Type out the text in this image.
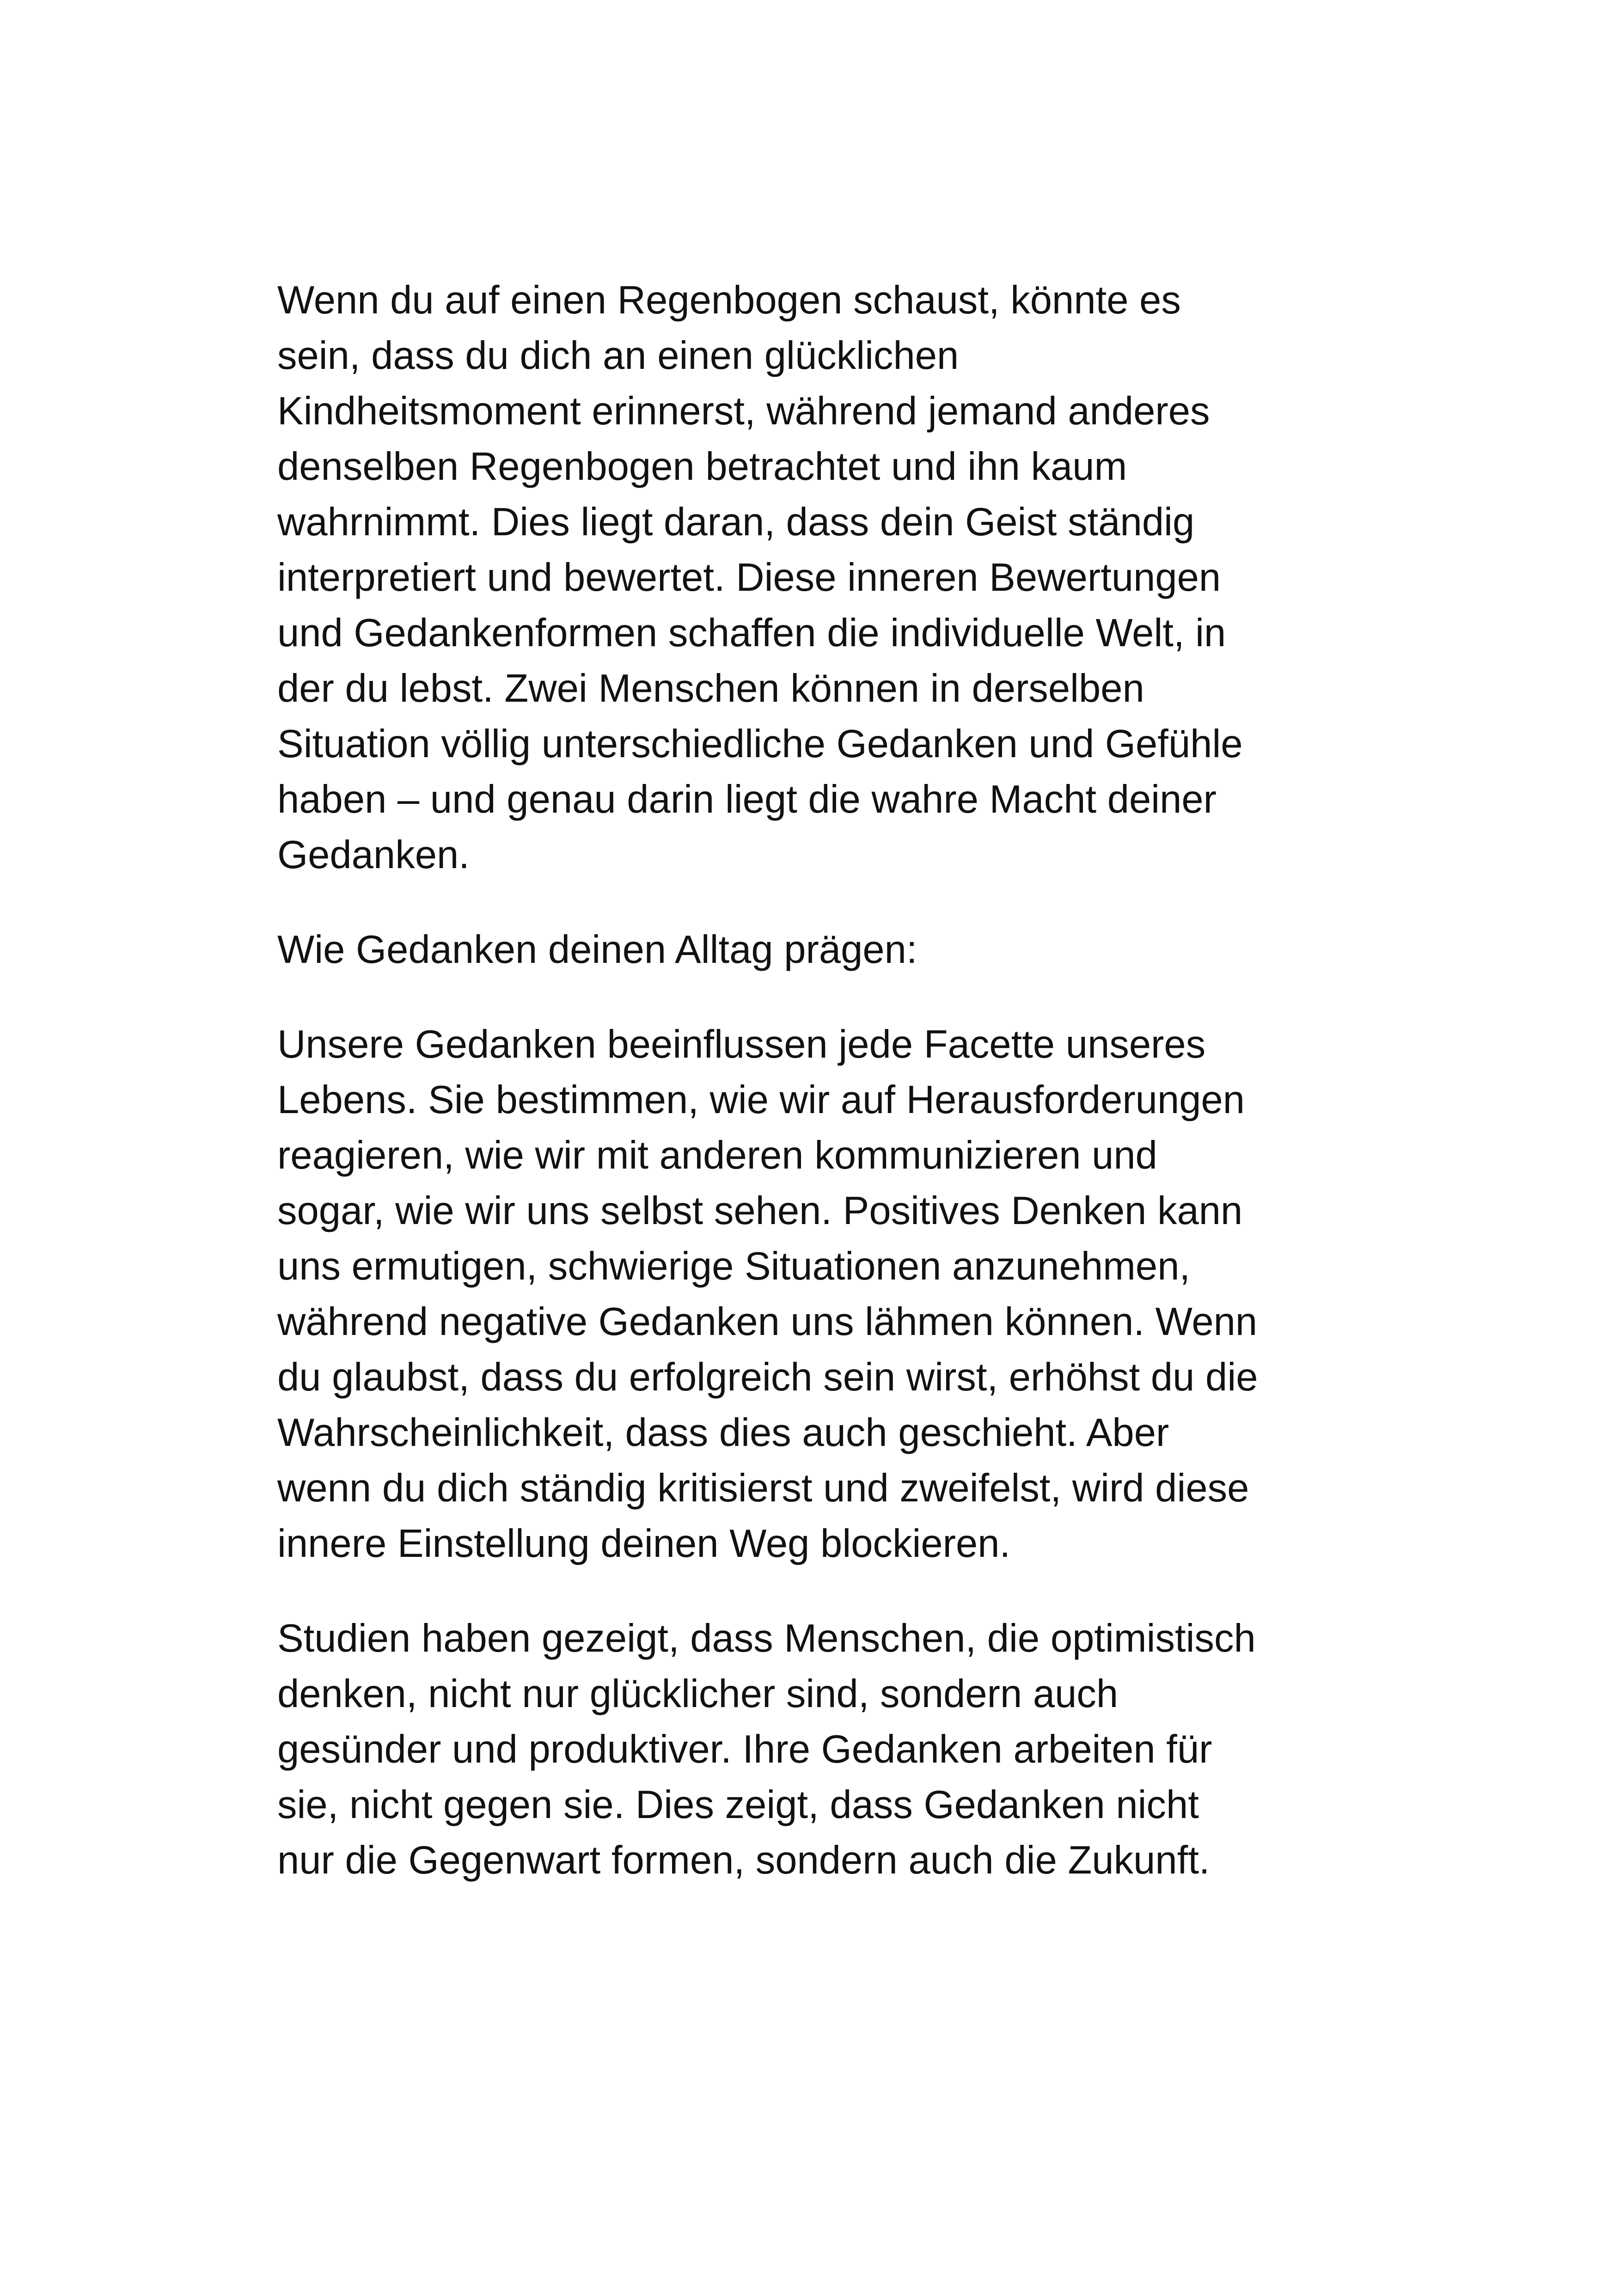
Wenn du auf einen Regenbogen schaust, könnte es
sein, dass du dich an einen glücklichen
Kindheitsmoment erinnerst, während jemand anderes
denselben Regenbogen betrachtet und ihn kaum
wahrnimmt. Dies liegt daran, dass dein Geist ständig
interpretiert und bewertet. Diese inneren Bewertungen
und Gedankenformen schaffen die individuelle Welt, in
der du lebst. Zwei Menschen können in derselben
Situation völlig unterschiedliche Gedanken und Gefühle
haben – und genau darin liegt die wahre Macht deiner
Gedanken.
Wie Gedanken deinen Alltag prägen:
Unsere Gedanken beeinflussen jede Facette unseres
Lebens. Sie bestimmen, wie wir auf Herausforderungen
reagieren, wie wir mit anderen kommunizieren und
sogar, wie wir uns selbst sehen. Positives Denken kann
uns ermutigen, schwierige Situationen anzunehmen,
während negative Gedanken uns lähmen können. Wenn
du glaubst, dass du erfolgreich sein wirst, erhöhst du die
Wahrscheinlichkeit, dass dies auch geschieht. Aber
wenn du dich ständig kritisierst und zweifelst, wird diese
innere Einstellung deinen Weg blockieren.
Studien haben gezeigt, dass Menschen, die optimistisch
denken, nicht nur glücklicher sind, sondern auch
gesünder und produktiver. Ihre Gedanken arbeiten für
sie, nicht gegen sie. Dies zeigt, dass Gedanken nicht
nur die Gegenwart formen, sondern auch die Zukunft.
